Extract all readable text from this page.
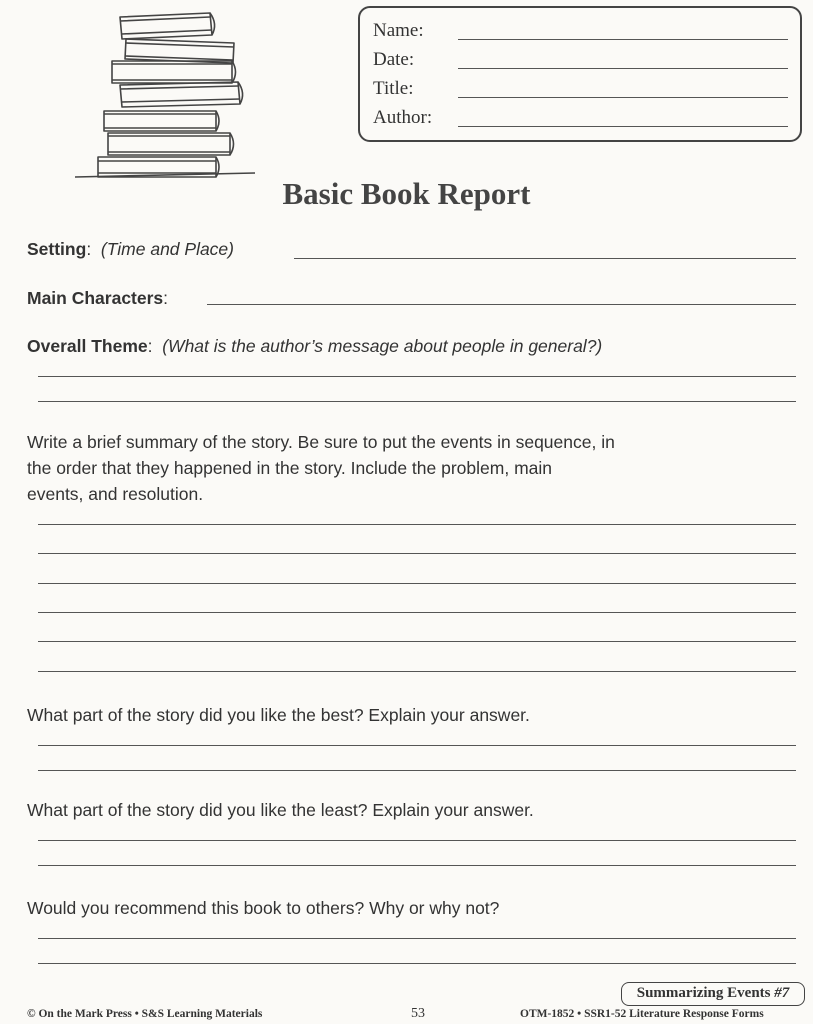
Name:
Date:
Title:
Author:
Basic Book Report
Setting:  (Time and Place)
Main Characters:
Overall Theme:  (What is the author’s message about people in general?)
Write a brief summary of the story. Be sure to put the events in sequence, in
the order that they happened in the story. Include the problem, main
events, and resolution.
What part of the story did you like the best? Explain your answer.
What part of the story did you like the least? Explain your answer.
Would you recommend this book to others? Why or why not?
Summarizing Events #7
© On the Mark Press • S&S Learning Materials	53	OTM-1852 • SSR1-52 Literature Response Forms
